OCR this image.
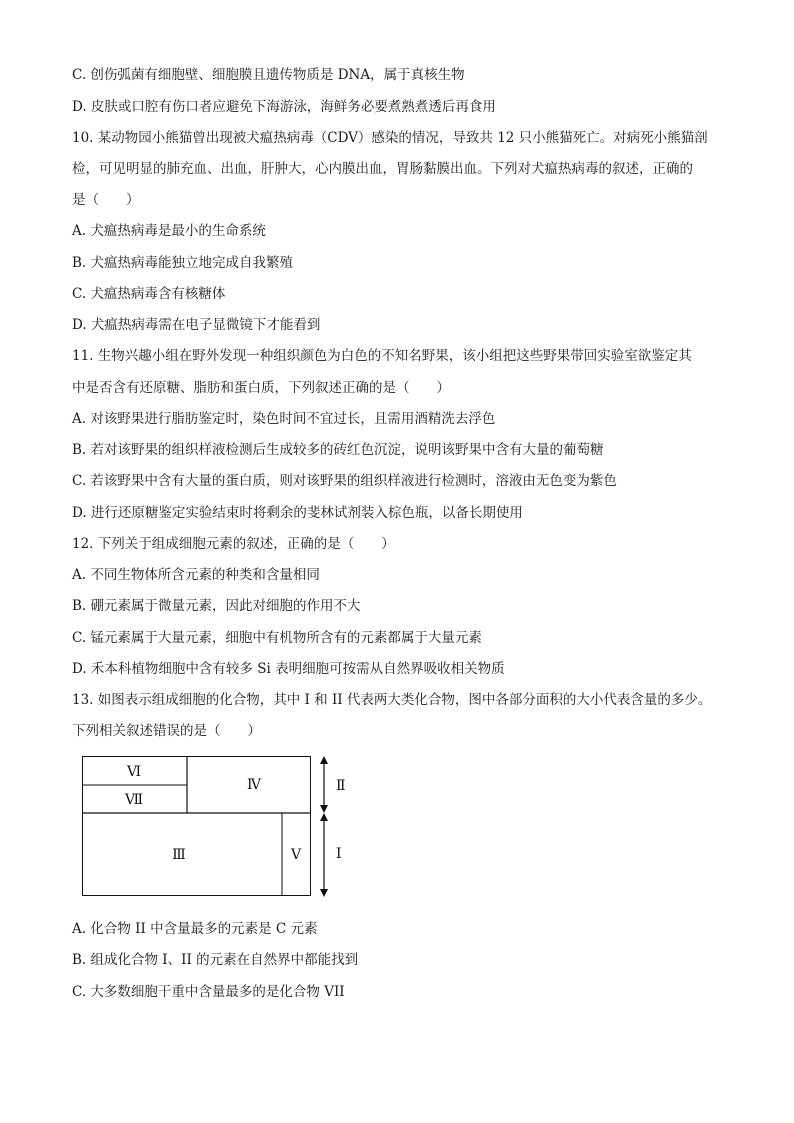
C. 创伤弧菌有细胞壁、细胞膜且遗传物质是 DNA，属于真核生物
D. 皮肤或口腔有伤口者应避免下海游泳，海鲜务必要煮熟煮透后再食用
10. 某动物园小熊猫曾出现被犬瘟热病毒（CDV）感染的情况，导致共 12 只小熊猫死亡。对病死小熊猫剖
检，可见明显的肺充血、出血，肝肿大，心内膜出血，胃肠黏膜出血。下列对犬瘟热病毒的叙述，正确的
是（　　）
A. 犬瘟热病毒是最小的生命系统
B. 犬瘟热病毒能独立地完成自我繁殖
C. 犬瘟热病毒含有核糖体
D. 犬瘟热病毒需在电子显微镜下才能看到
11. 生物兴趣小组在野外发现一种组织颜色为白色的不知名野果，该小组把这些野果带回实验室欲鉴定其
中是否含有还原糖、脂肪和蛋白质，下列叙述正确的是（　　）
A. 对该野果进行脂肪鉴定时，染色时间不宜过长，且需用酒精洗去浮色
B. 若对该野果的组织样液检测后生成较多的砖红色沉淀，说明该野果中含有大量的葡萄糖
C. 若该野果中含有大量的蛋白质，则对该野果的组织样液进行检测时，溶液由无色变为紫色
D. 进行还原糖鉴定实验结束时将剩余的斐林试剂装入棕色瓶，以备长期使用
12. 下列关于组成细胞元素的叙述，正确的是（　　）
A. 不同生物体所含元素的种类和含量相同
B. 硼元素属于微量元素，因此对细胞的作用不大
C. 锰元素属于大量元素，细胞中有机物所含有的元素都属于大量元素
D. 禾本科植物细胞中含有较多 Si 表明细胞可按需从自然界吸收相关物质
13. 如图表示组成细胞的化合物，其中 I 和 II 代表两大类化合物，图中各部分面积的大小代表含量的多少。
下列相关叙述错误的是（　　）
Ⅵ
Ⅶ
Ⅳ
Ⅲ	Ⅴ
Ⅱ
Ⅰ
A. 化合物 II 中含量最多的元素是 C 元素
B. 组成化合物 I、II 的元素在自然界中都能找到
C. 大多数细胞干重中含量最多的是化合物 VII
